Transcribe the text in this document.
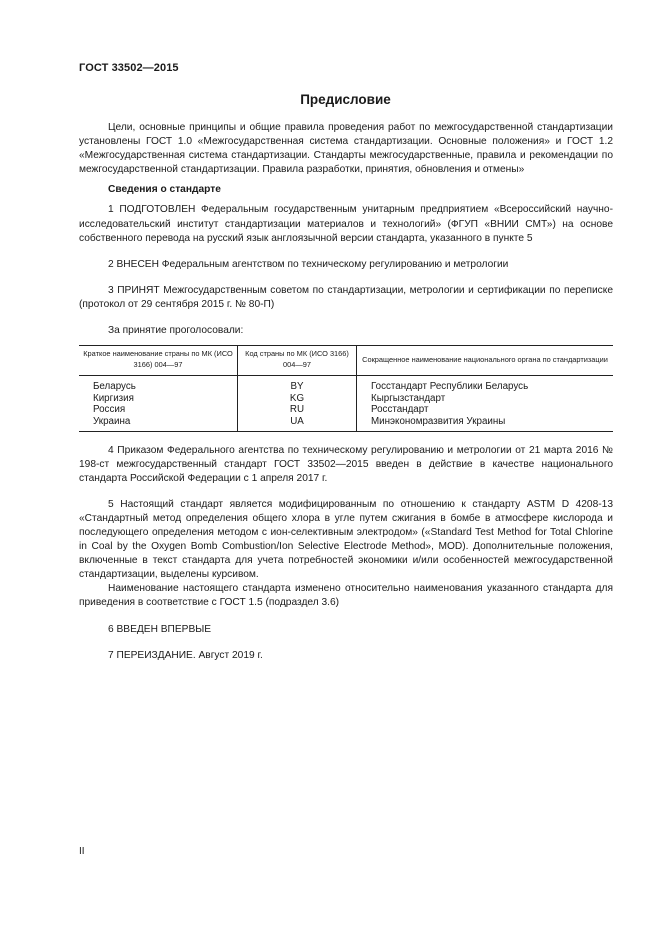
ГОСТ 33502—2015
Предисловие

Цели, основные принципы и общие правила проведения работ по межгосударственной стандартизации установлены ГОСТ 1.0 «Межгосударственная система стандартизации. Основные положения» и ГОСТ 1.2 «Межгосударственная система стандартизации. Стандарты межгосударственные, правила и рекомендации по межгосударственной стандартизации. Правила разработки, принятия, обновления и отмены»

Сведения о стандарте

1 ПОДГОТОВЛЕН Федеральным государственным унитарным предприятием «Всероссийский научно-исследовательский институт стандартизации материалов и технологий» (ФГУП «ВНИИ СМТ») на основе собственного перевода на русский язык англоязычной версии стандарта, указанного в пункте 5

2 ВНЕСЕН Федеральным агентством по техническому регулированию и метрологии

3 ПРИНЯТ Межгосударственным советом по стандартизации, метрологии и сертификации по переписке (протокол от 29 сентября 2015 г. № 80-П)

За принятие проголосовали:

Краткое наименование страны по МК (ИСО 3166) 004—97	Код страны по МК (ИСО 3166) 004—97	Сокращенное наименование национального органа по стандартизации
Беларусь	BY	Госстандарт Республики Беларусь
Киргизия	KG	Кыргызстандарт
Россия	RU	Росстандарт
Украина	UA	Минэкономразвития Украины

4 Приказом Федерального агентства по техническому регулированию и метрологии от 21 марта 2016 № 198-ст межгосударственный стандарт ГОСТ 33502—2015 введен в действие в качестве национального стандарта Российской Федерации с 1 апреля 2017 г.

5 Настоящий стандарт является модифицированным по отношению к стандарту ASTM D 4208-13 «Стандартный метод определения общего хлора в угле путем сжигания в бомбе в атмосфере кислорода и последующего определения методом с ион-селективным электродом» («Standard Test Method for Total Chlorine in Coal by the Oxygen Bomb Combustion/Ion Selective Electrode Method», MOD). Дополнительные положения, включенные в текст стандарта для учета потребностей экономики и/или особенностей межгосударственной стандартизации, выделены курсивом.

Наименование настоящего стандарта изменено относительно наименования указанного стандарта для приведения в соответствие с ГОСТ 1.5 (подраздел 3.6)

6 ВВЕДЕН ВПЕРВЫЕ

7 ПЕРЕИЗДАНИЕ. Август 2019 г.

II
